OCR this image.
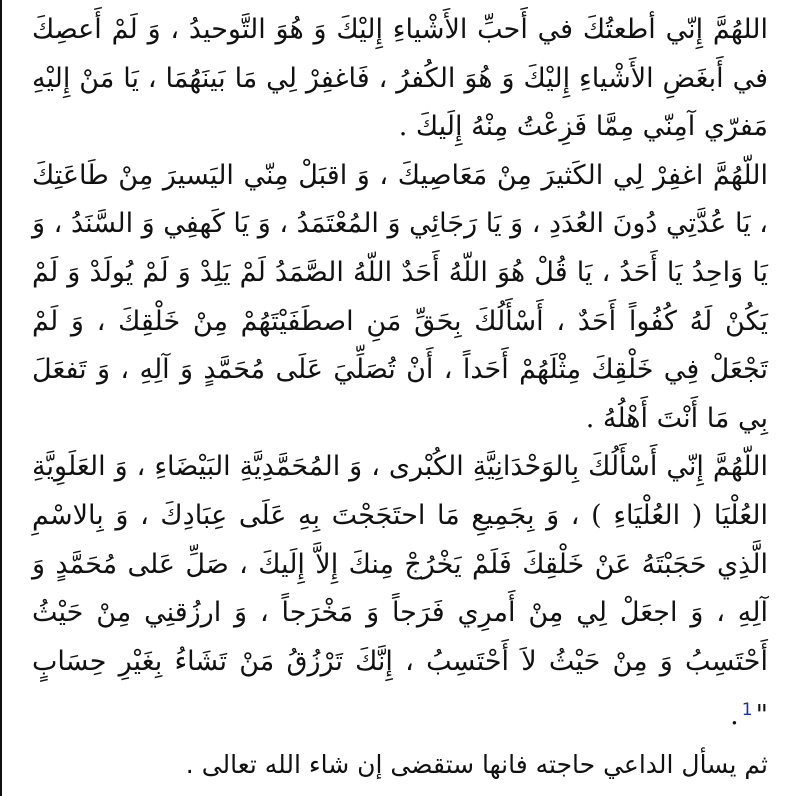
اللهُمَّ إِنّي أطعتُكَ في أَحبِّ الأَشْياءِ إِليْكَ وَ هُوَ التَّوحيدُ ، وَ لَمْ أَعصِكَ في أَبغَضِ الأَشْياءِ إِليْكَ وَ هُوَ الكُفرُ ، فَاغفِرْ لِي مَا بَينَهُمَا ، يَا مَنْ إِليْهِ مَفرّي آمِنّي مِمَّا فَزِعْتُ مِنْهُ إِلَيكَ .

اللّهُمَّ اغفِرْ لِي الكَثيرَ مِنْ مَعَاصِيكَ ، وَ اقبَلْ مِنّي اليَسيرَ مِنْ طَاعَتِكَ ، يَا عُدَّتِي دُونَ العُدَدِ ، وَ يَا رَجَائِي وَ المُعْتَمَدُ ، وَ يَا كَهفِي وَ السَّنَدُ ، وَ يَا وَاحِدُ يَا أَحَدُ ، يَا قُلْ هُوَ اللّهُ أَحَدٌ اللّهُ الصَّمَدُ لَمْ يَلِدْ وَ لَمْ يُولَدْ وَ لَمْ يَكُنْ لَهُ كُفُواً أَحَدٌ ، أَسْأَلُكَ بِحَقِّ مَنِ اصطَفَيْتَهُمْ مِنْ خَلْقِكَ ، وَ لَمْ تَجْعَلْ فِي خَلْقِكَ مِثْلَهُمْ أَحَداً ، أَنْ تُصَلِّيَ عَلَى مُحَمَّدٍ وَ آلِهِ ، وَ تَفعَلَ بِي مَا أَنْتَ أَهْلُهُ .

اللّهُمَّ إِنّي أَسْأَلُكَ بِالوَحْدَانِيَّةِ الكُبْرى ، وَ المُحَمَّدِيَّةِ البَيْضَاءِ ، وَ العَلَوِيَّةِ العُلْيَا ( العُلْيَاءِ ) ، وَ بِجَمِيعِ مَا احتَجَجْتَ بِهِ عَلَى عِبَادِكَ ، وَ بِالاسْمِ الَّذِي حَجَبْتَهُ عَنْ خَلْقِكَ فَلَمْ يَخْرُجْ مِنكَ إِلاَّ إِلَيكَ ، صَلِّ عَلى مُحَمَّدٍ وَ آلِهِ ، وَ اجعَلْ لِي مِنْ أَمرِي فَرَجاً وَ مَخْرَجاً ، وَ ارزُقنِي مِنْ حَيْثُ أَحْتَسِبُ وَ مِنْ حَيْثُ لاَ أَحْتَسِبُ ، إِنَّكَ تَرْزُقُ مَنْ تَشَاءُ بِغَيْرِ حِسَابٍ "$^1$.

ثم يسأل الداعي حاجته فانها ستقضى إن شاء الله تعالى .
